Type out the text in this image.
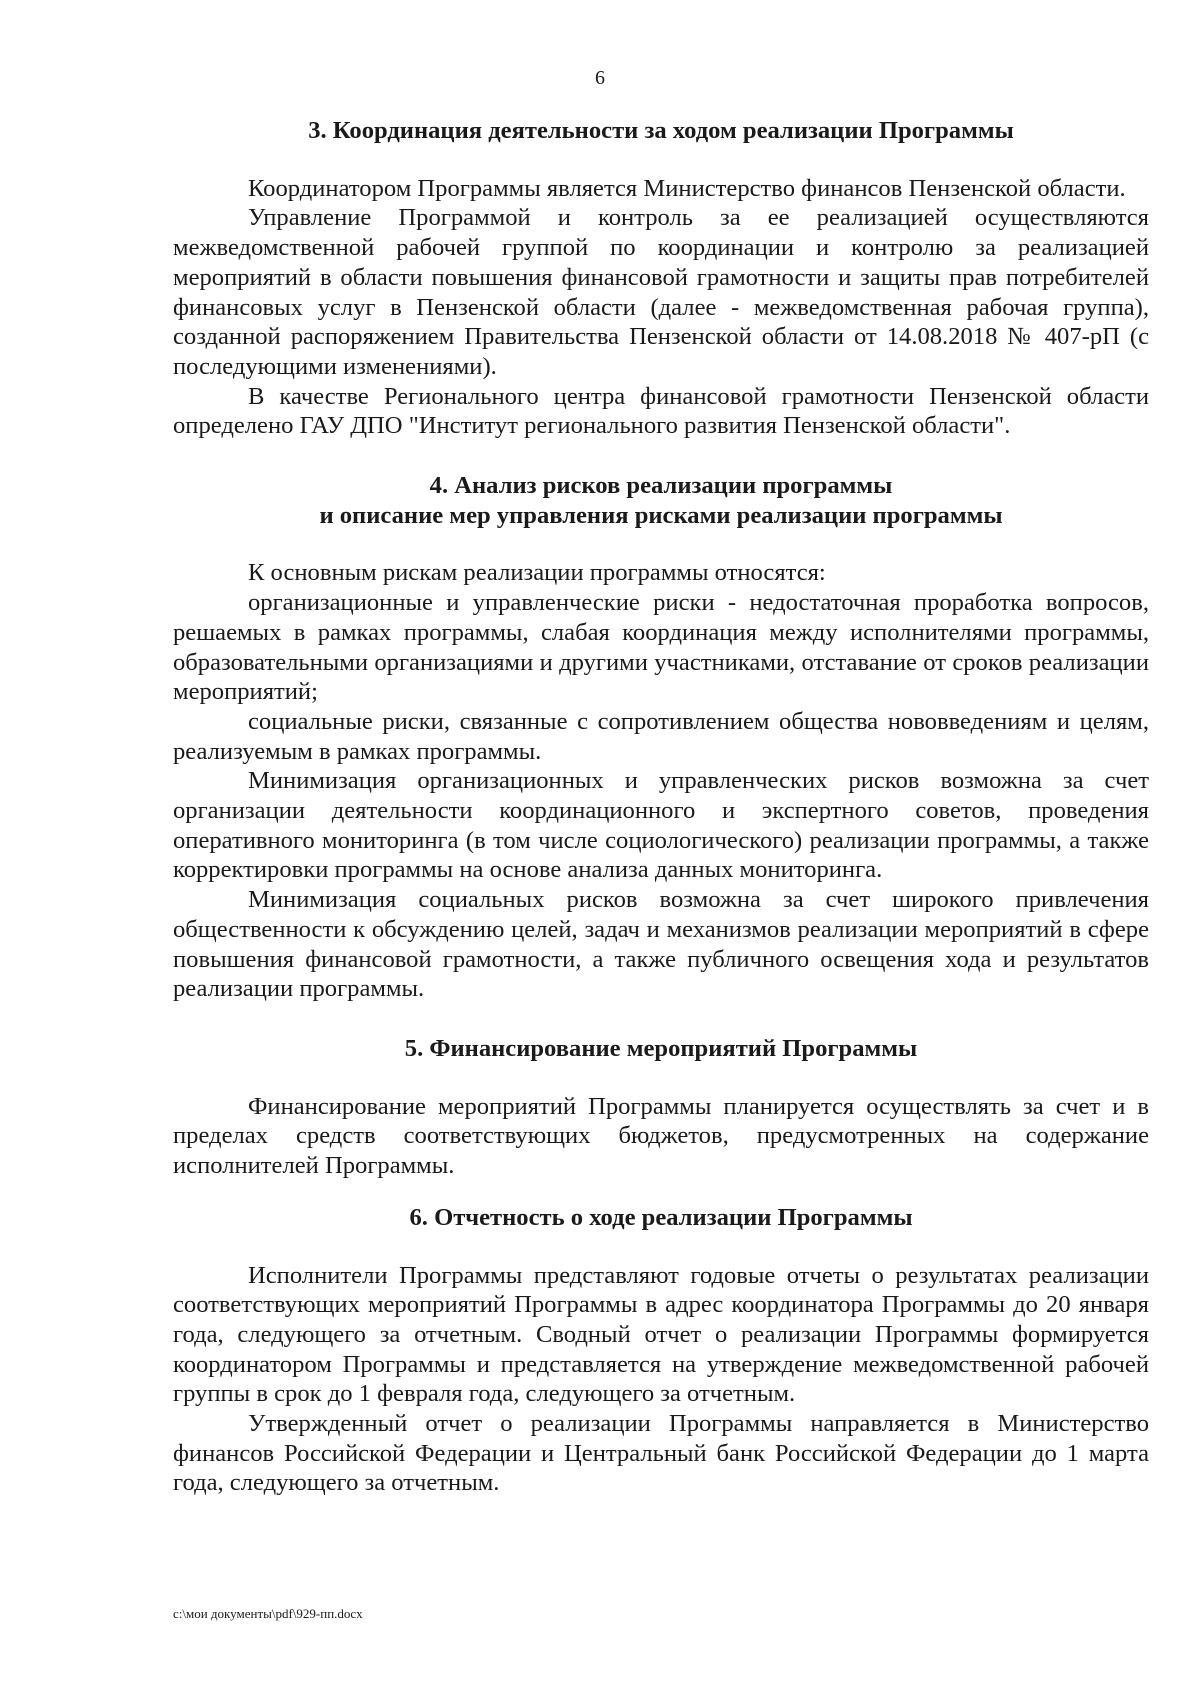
6

3. Координация деятельности за ходом реализации Программы

Координатором Программы является Министерство финансов Пензенской области.

Управление Программой и контроль за ее реализацией осуществляются межведомственной рабочей группой по координации и контролю за реализацией мероприятий в области повышения финансовой грамотности и защиты прав потребителей финансовых услуг в Пензенской области (далее - межведомственная рабочая группа), созданной распоряжением Правительства Пензенской области от 14.08.2018 № 407-рП (с последующими изменениями).

В качестве Регионального центра финансовой грамотности Пензенской области определено ГАУ ДПО "Институт регионального развития Пензенской области".

4. Анализ рисков реализации программы

и описание мер управления рисками реализации программы

К основным рискам реализации программы относятся:

организационные и управленческие риски - недостаточная проработка вопросов, решаемых в рамках программы, слабая координация между исполнителями программы, образовательными организациями и другими участниками, отставание от сроков реализации мероприятий;

социальные риски, связанные с сопротивлением общества нововведениям и целям, реализуемым в рамках программы.

Минимизация организационных и управленческих рисков возможна за счет организации деятельности координационного и экспертного советов, проведения оперативного мониторинга (в том числе социологического) реализации программы, а также корректировки программы на основе анализа данных мониторинга.

Минимизация социальных рисков возможна за счет широкого привлечения общественности к обсуждению целей, задач и механизмов реализации мероприятий в сфере повышения финансовой грамотности, а также публичного освещения хода и результатов реализации программы.

5. Финансирование мероприятий Программы

Финансирование мероприятий Программы планируется осуществлять за счет и в пределах средств соответствующих бюджетов, предусмотренных на содержание исполнителей Программы.

6. Отчетность о ходе реализации Программы

Исполнители Программы представляют годовые отчеты о результатах реализации соответствующих мероприятий Программы в адрес координатора Программы до 20 января года, следующего за отчетным. Сводный отчет о реализации Программы формируется координатором Программы и представляется на утверждение межведомственной рабочей группы в срок до 1 февраля года, следующего за отчетным.

Утвержденный отчет о реализации Программы направляется в Министерство финансов Российской Федерации и Центральный банк Российской Федерации до 1 марта года, следующего за отчетным.

c:\мои документы\pdf\929-пп.docx
